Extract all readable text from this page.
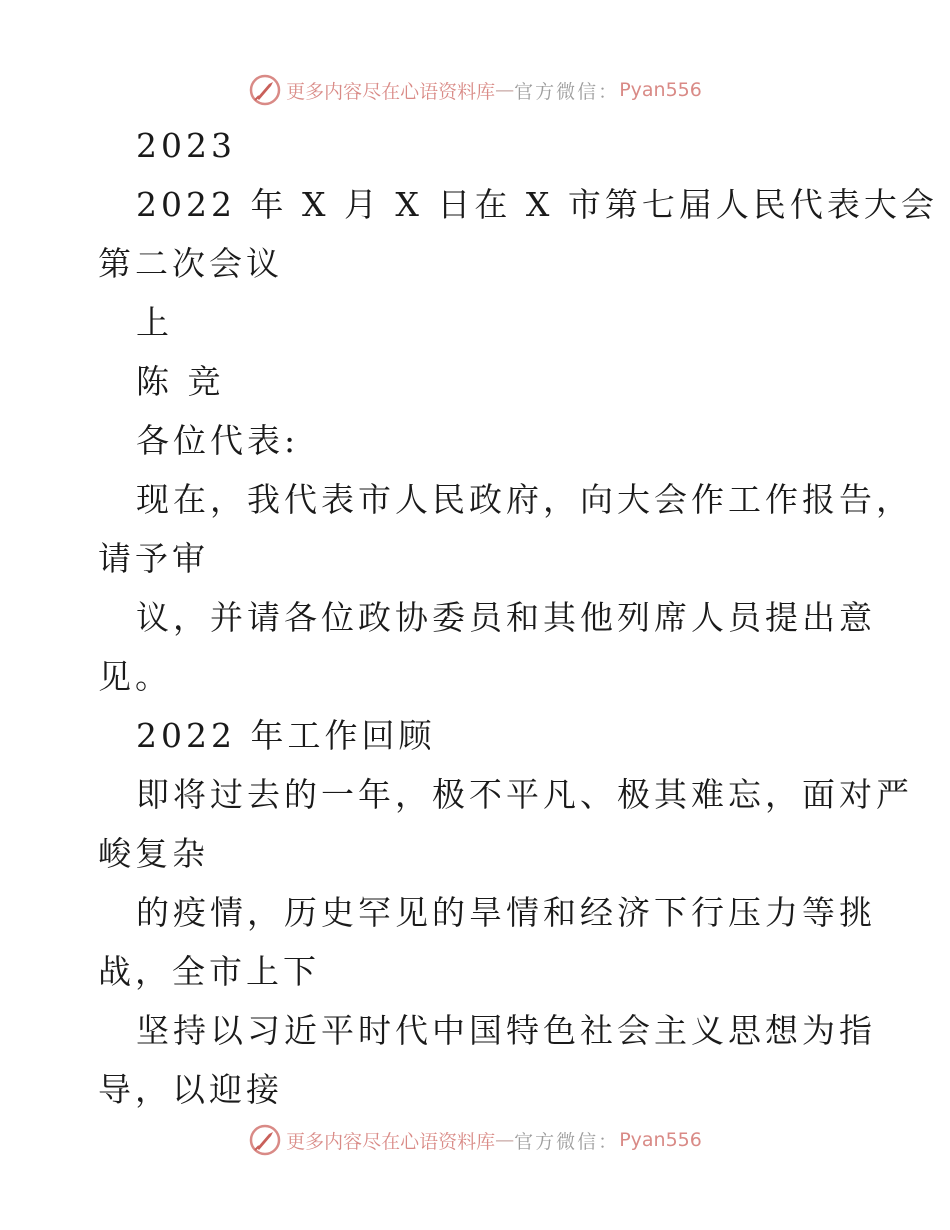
更多内容尽在心语资料库 — 官方微信： Pyan556
2023
2022 年 X 月 X 日在 X 市第七届人民代表大会
第二次会议
上
陈 竞
各位代表:
现在，我代表市人民政府，向大会作工作报告，
请予审
议，并请各位政协委员和其他列席人员提出意
见。
2022 年工作回顾
即将过去的一年，极不平凡、极其难忘，面对严
峻复杂
的疫情，历史罕见的旱情和经济下行压力等挑
战，全市上下
坚持以习近平时代中国特色社会主义思想为指
导，以迎接
更多内容尽在心语资料库 — 官方微信： Pyan556
